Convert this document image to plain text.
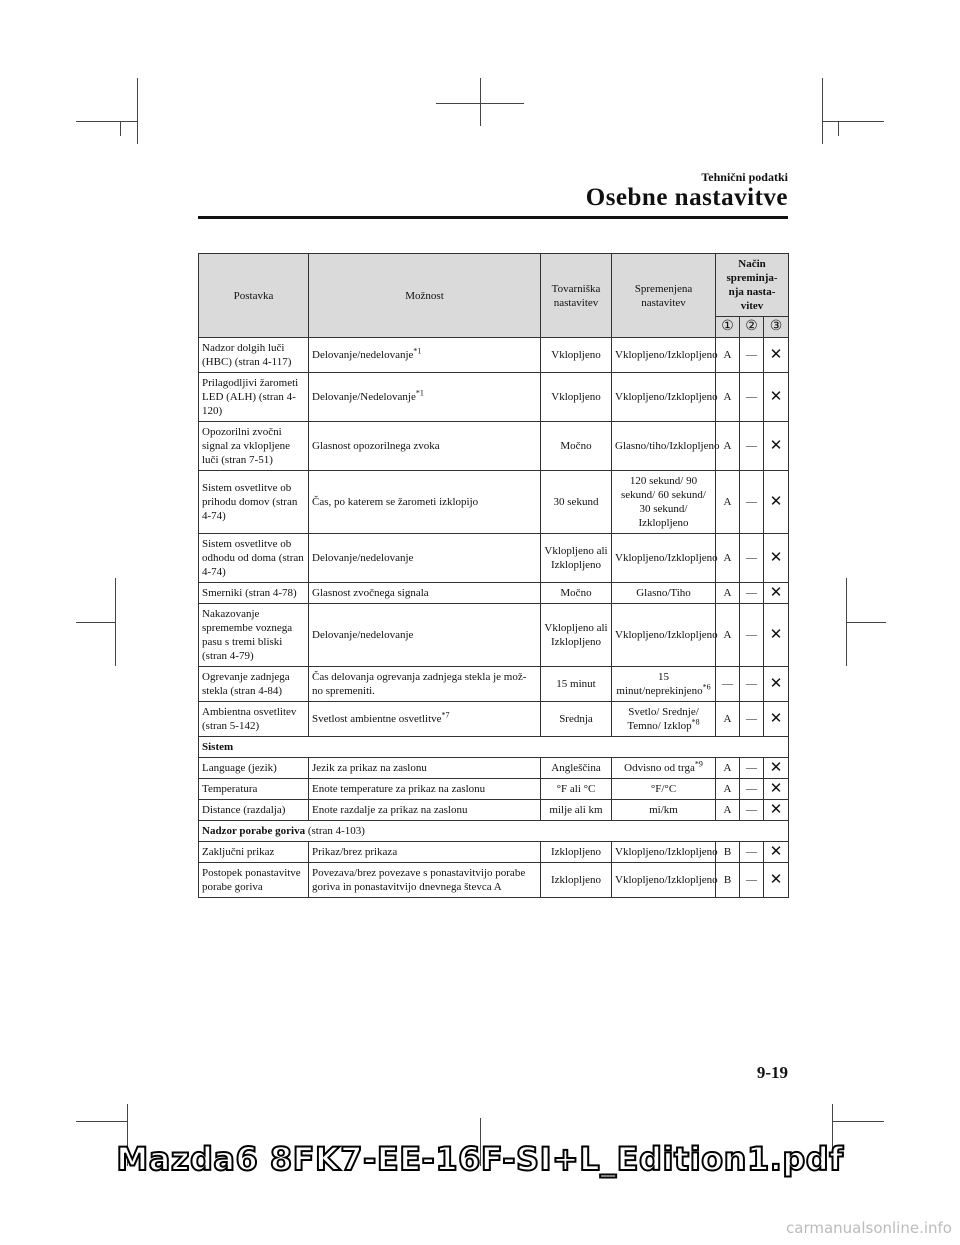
Tehnični podatki
Osebne nastavitve
Postavka	Možnost	Tovarniška nastavitev	Spremenjena nastavitev	Način spreminja- nja nasta- vitev		
				①	②	③
Nadzor dolgih luči (HBC) (stran 4-117)	Delovanje/nedelovanje$^{*1}$	Vklopljeno	Vklopljeno/Izklopljeno	A	—	✕
Prilagodljivi žarometi LED (ALH) (stran 4-120)	Delovanje/Nedelovanje$^{*1}$	Vklopljeno	Vklopljeno/Izklopljeno	A	—	✕
Opozorilni zvočni signal za vklopljene luči (stran 7-51)	Glasnost opozorilnega zvoka	Močno	Glasno/tiho/Izklopljeno	A	—	✕
Sistem osvetlitve ob prihodu domov (stran 4-74)	Čas, po katerem se žarometi izklopijo	30 sekund	120 sekund/ 90 sekund/ 60 sekund/ 30 sekund/ Izklopljeno	A	—	✕
Sistem osvetlitve ob odhodu od doma (stran 4-74)	Delovanje/nedelovanje	Vklopljeno ali Izklopljeno	Vklopljeno/Izklopljeno	A	—	✕
Smerniki (stran 4-78)	Glasnost zvočnega signala	Močno	Glasno/Tiho	A	—	✕
Nakazovanje spremembe voznega pasu s tremi bliski (stran 4-79)	Delovanje/nedelovanje	Vklopljeno ali Izklopljeno	Vklopljeno/Izklopljeno	A	—	✕
Ogrevanje zadnjega stekla (stran 4-84)	Čas delovanja ogrevanja zadnjega stekla je mož- no spremeniti.	15 minut	15 minut/neprekinjeno$^{*6}$	—	—	✕
Ambientna osvetlitev (stran 5-142)	Svetlost ambientne osvetlitve$^{*7}$	Srednja	Svetlo/ Srednje/ Temno/ Izklop$^{*8}$	A	—	✕
Sistem						
Language (jezik)	Jezik za prikaz na zaslonu	Angleščina	Odvisno od trga$^{*9}$	A	—	✕
Temperatura	Enote temperature za prikaz na zaslonu	°F ali °C	°F/°C	A	—	✕
Distance (razdalja)	Enote razdalje za prikaz na zaslonu	milje ali km	mi/km	A	—	✕
Nadzor porabe goriva (stran 4-103)						
Zaključni prikaz	Prikaz/brez prikaza	Izklopljeno	Vklopljeno/Izklopljeno	B	—	✕
Postopek ponastavitve porabe goriva	Povezava/brez povezave s ponastavitvijo porabe goriva in ponastavitvijo dnevnega števca A	Izklopljeno	Vklopljeno/Izklopljeno	B	—	✕
9-19
Mazda6 8FK7-EE-16F-SI+L_Edition1.pdf
carmanualsonline.info
